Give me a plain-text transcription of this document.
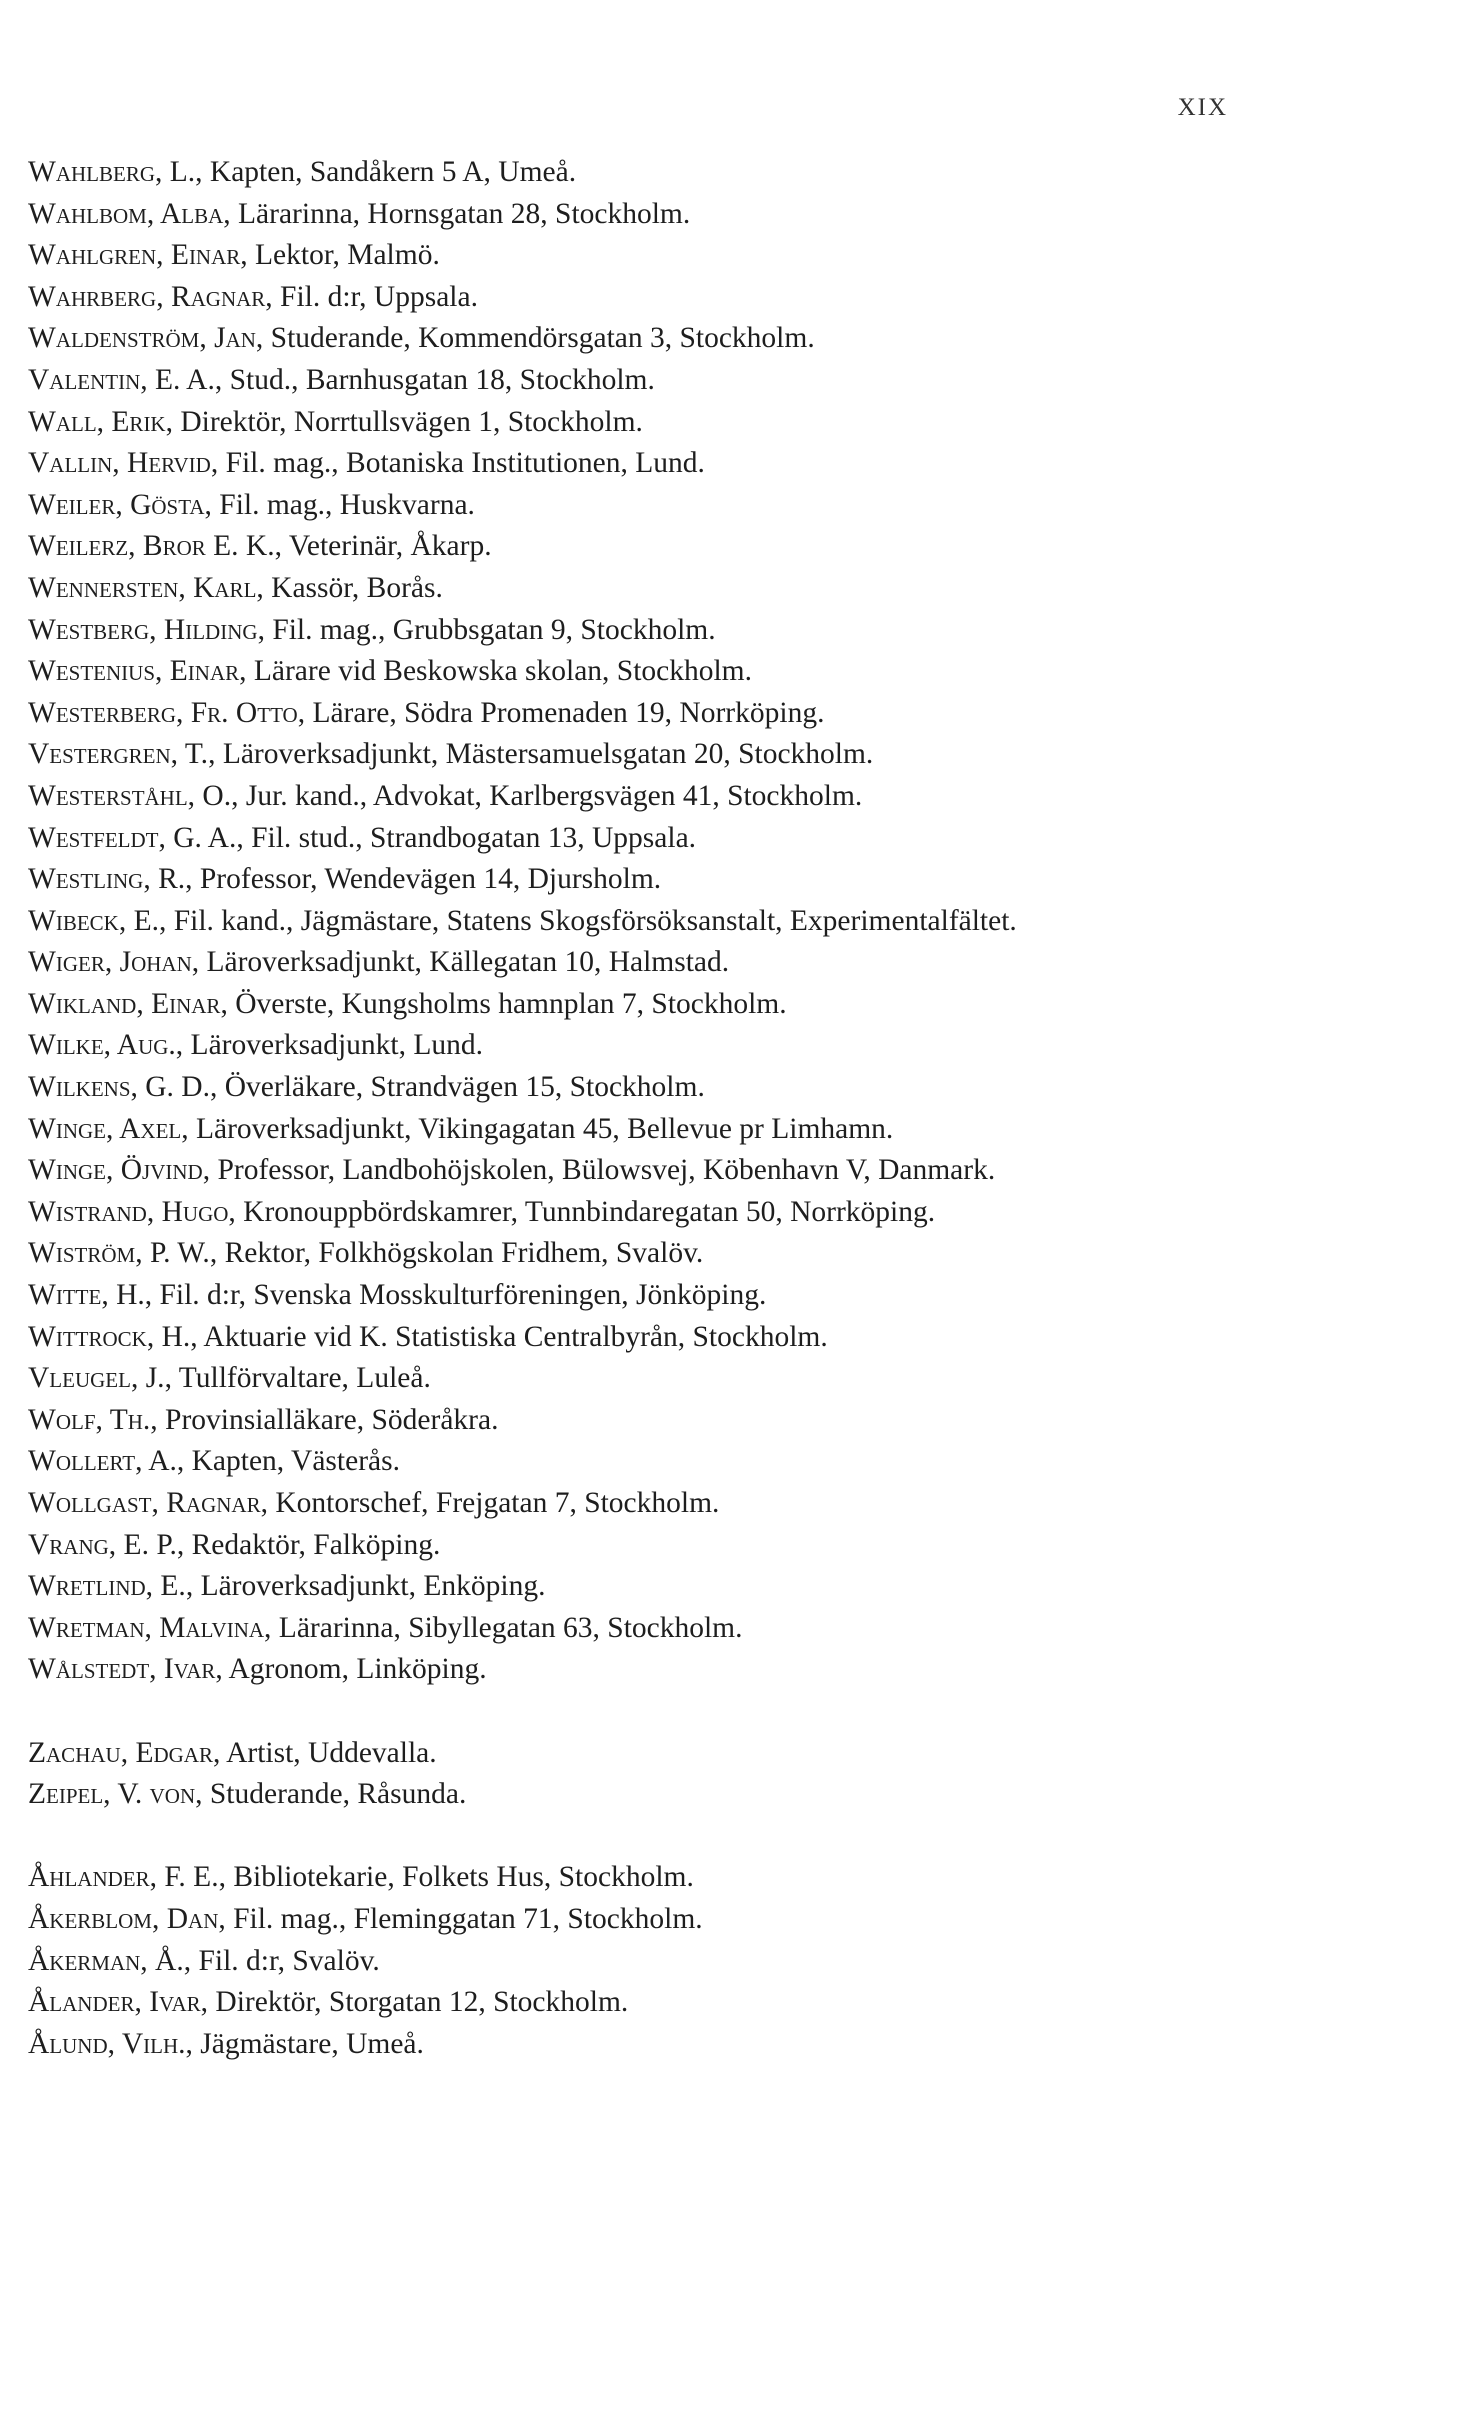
XIX
Wahlberg, L., Kapten, Sandåkern 5 A, Umeå.
Wahlbom, Alba, Lärarinna, Hornsgatan 28, Stockholm.
Wahlgren, Einar, Lektor, Malmö.
Wahrberg, Ragnar, Fil. d:r, Uppsala.
Waldenström, Jan, Studerande, Kommendörsgatan 3, Stockholm.
Valentin, E. A., Stud., Barnhusgatan 18, Stockholm.
Wall, Erik, Direktör, Norrtullsvägen 1, Stockholm.
Vallin, Hervid, Fil. mag., Botaniska Institutionen, Lund.
Weiler, Gösta, Fil. mag., Huskvarna.
Weilerz, Bror E. K., Veterinär, Åkarp.
Wennersten, Karl, Kassör, Borås.
Westberg, Hilding, Fil. mag., Grubbsgatan 9, Stockholm.
Westenius, Einar, Lärare vid Beskowska skolan, Stockholm.
Westerberg, Fr. Otto, Lärare, Södra Promenaden 19, Norrköping.
Vestergren, T., Läroverksadjunkt, Mästersamuelsgatan 20, Stockholm.
Westerståhl, O., Jur. kand., Advokat, Karlbergsvägen 41, Stockholm.
Westfeldt, G. A., Fil. stud., Strandbogatan 13, Uppsala.
Westling, R., Professor, Wendevägen 14, Djursholm.
Wibeck, E., Fil. kand., Jägmästare, Statens Skogsförsöksanstalt, Experimentalfältet.
Wiger, Johan, Läroverksadjunkt, Källegatan 10, Halmstad.
Wikland, Einar, Överste, Kungsholms hamnplan 7, Stockholm.
Wilke, Aug., Läroverksadjunkt, Lund.
Wilkens, G. D., Överläkare, Strandvägen 15, Stockholm.
Winge, Axel, Läroverksadjunkt, Vikingagatan 45, Bellevue pr Limhamn.
Winge, Öjvind, Professor, Landbohöjskolen, Bülowsvej, Köbenhavn V, Danmark.
Wistrand, Hugo, Kronouppbördskamrer, Tunnbindaregatan 50, Norrköping.
Wiström, P. W., Rektor, Folkhögskolan Fridhem, Svalöv.
Witte, H., Fil. d:r, Svenska Mosskulturföreningen, Jönköping.
Wittrock, H., Aktuarie vid K. Statistiska Centralbyrån, Stockholm.
Vleugel, J., Tullförvaltare, Luleå.
Wolf, Th., Provinsialläkare, Söderåkra.
Wollert, A., Kapten, Västerås.
Wollgast, Ragnar, Kontorschef, Frejgatan 7, Stockholm.
Vrang, E. P., Redaktör, Falköping.
Wretlind, E., Läroverksadjunkt, Enköping.
Wretman, Malvina, Lärarinna, Sibyllegatan 63, Stockholm.
Wålstedt, Ivar, Agronom, Linköping.
Zachau, Edgar, Artist, Uddevalla.
Zeipel, V. von, Studerande, Råsunda.
Åhlander, F. E., Bibliotekarie, Folkets Hus, Stockholm.
Åkerblom, Dan, Fil. mag., Fleminggatan 71, Stockholm.
Åkerman, Å., Fil. d:r, Svalöv.
Ålander, Ivar, Direktör, Storgatan 12, Stockholm.
Ålund, Vilh., Jägmästare, Umeå.
